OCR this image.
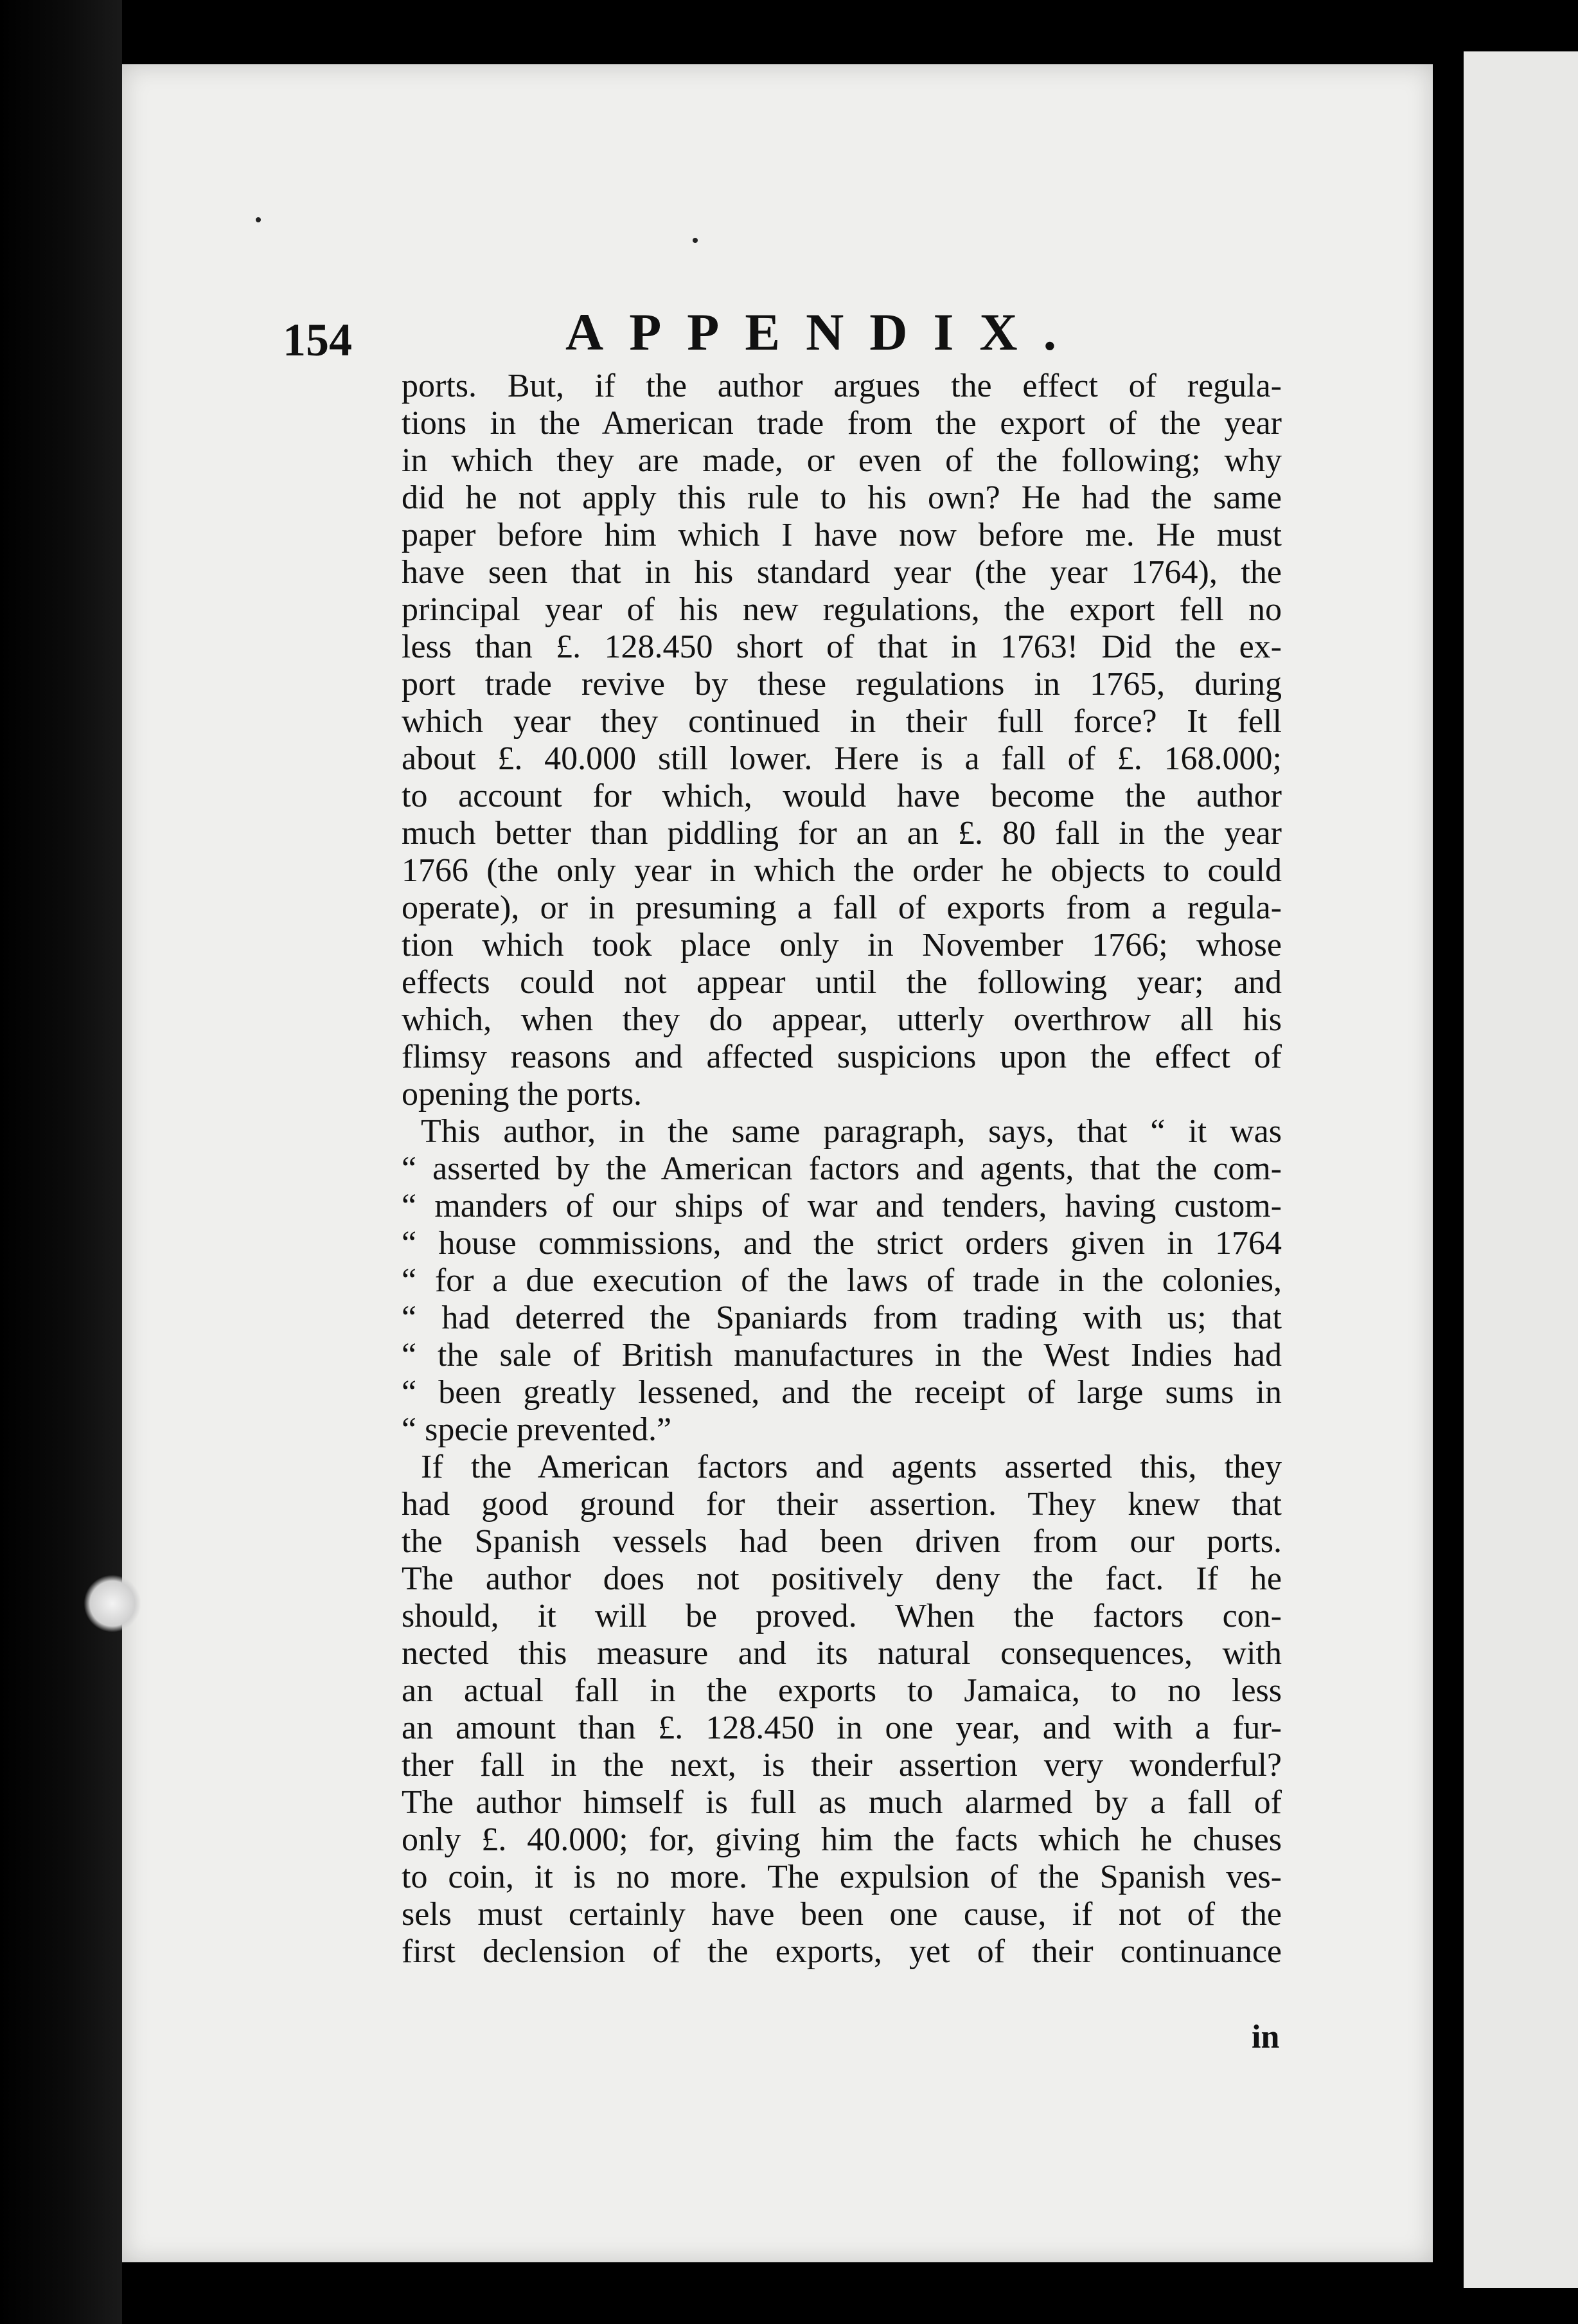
154	APPENDIX.
ports. But, if the author argues the effect of regula-
tions in the American trade from the export of the year
in which they are made, or even of the following; why
did he not apply this rule to his own? He had the same
paper before him which I have now before me. He must
have seen that in his standard year (the year 1764), the
principal year of his new regulations, the export fell no
less than £. 128.450 short of that in 1763! Did the ex-
port trade revive by these regulations in 1765, during
which year they continued in their full force? It fell
about £. 40.000 still lower. Here is a fall of £. 168.000;
to account for which, would have become the author
much better than piddling for an an £. 80 fall in the year
1766 (the only year in which the order he objects to could
operate), or in presuming a fall of exports from a regula-
tion which took place only in November 1766; whose
effects could not appear until the following year; and
which, when they do appear, utterly overthrow all his
flimsy reasons and affected suspicions upon the effect of
opening the ports.
This author, in the same paragraph, says, that “ it was
“ asserted by the American factors and agents, that the com-
“ manders of our ships of war and tenders, having custom-
“ house commissions, and the strict orders given in 1764
“ for a due execution of the laws of trade in the colonies,
“ had deterred the Spaniards from trading with us; that
“ the sale of British manufactures in the West Indies had
“ been greatly lessened, and the receipt of large sums in
“ specie prevented.”
If the American factors and agents asserted this, they
had good ground for their assertion. They knew that
the Spanish vessels had been driven from our ports.
The author does not positively deny the fact. If he
should, it will be proved. When the factors con-
nected this measure and its natural consequences, with
an actual fall in the exports to Jamaica, to no less
an amount than £. 128.450 in one year, and with a fur-
ther fall in the next, is their assertion very wonderful?
The author himself is full as much alarmed by a fall of
only £. 40.000; for, giving him the facts which he chuses
to coin, it is no more. The expulsion of the Spanish ves-
sels must certainly have been one cause, if not of the
first declension of the exports, yet of their continuance
in
